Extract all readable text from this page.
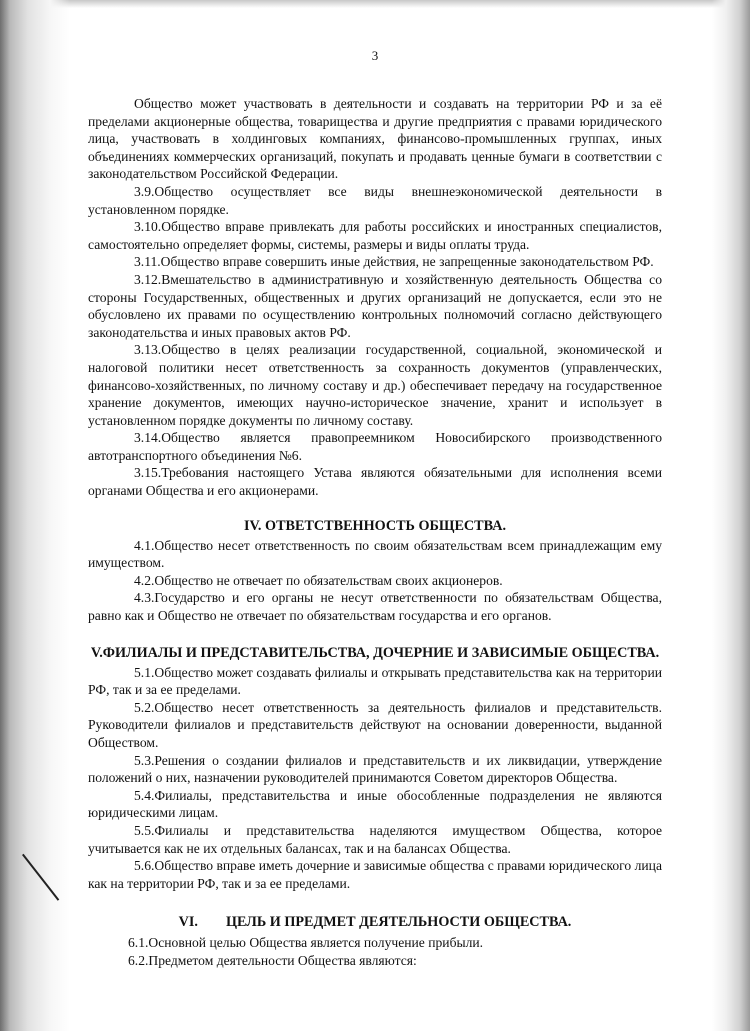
3

Общество может участвовать в деятельности и создавать на территории РФ и за её пределами акционерные общества, товарищества и другие предприятия с правами юридического лица, участвовать в холдинговых компаниях, финансово-промышленных группах, иных объединениях коммерческих организаций, покупать и продавать ценные бумаги в соответствии с законодательством Российской Федерации.

3.9.Общество осуществляет все виды внешнеэкономической деятельности в установленном порядке.

3.10.Общество вправе привлекать для работы российских и иностранных специалистов, самостоятельно определяет формы, системы, размеры и виды оплаты труда.

3.11.Общество вправе совершить иные действия, не запрещенные законодательством РФ.

3.12.Вмешательство в административную и хозяйственную деятельность Общества со стороны Государственных, общественных и других организаций не допускается, если это не обусловлено их правами по осуществлению контрольных полномочий согласно действующего законодательства и иных правовых актов РФ.

3.13.Общество в целях реализации государственной, социальной, экономической и налоговой политики несет ответственность за сохранность документов (управленческих, финансово-хозяйственных, по личному составу и др.) обеспечивает передачу на государственное хранение документов, имеющих научно-историческое значение, хранит и использует в установленном порядке документы по личному составу.

3.14.Общество является правопреемником Новосибирского производственного автотранспортного объединения №6.

3.15.Требования настоящего Устава являются обязательными для исполнения всеми органами Общества и его акционерами.

IV. ОТВЕТСТВЕННОСТЬ ОБЩЕСТВА.

4.1.Общество несет ответственность по своим обязательствам всем принадлежащим ему имуществом.

4.2.Общество не отвечает по обязательствам своих акционеров.

4.3.Государство и его органы не несут ответственности по обязательствам Общества, равно как и Общество не отвечает по обязательствам государства и его органов.

V.ФИЛИАЛЫ И ПРЕДСТАВИТЕЛЬСТВА, ДОЧЕРНИЕ И ЗАВИСИМЫЕ ОБЩЕСТВА.

5.1.Общество может создавать филиалы и открывать представительства как на территории РФ, так и за ее пределами.

5.2.Общество несет ответственность за деятельность филиалов и представительств. Руководители филиалов и представительств действуют на основании доверенности, выданной Обществом.

5.3.Решения о создании филиалов и представительств и их ликвидации, утверждение положений о них, назначении руководителей принимаются Советом директоров Общества.

5.4.Филиалы, представительства и иные обособленные подразделения не являются юридическими лицам.

5.5.Филиалы и представительства наделяются имуществом Общества, которое учитывается как не их отдельных балансах, так и на балансах Общества.

5.6.Общество вправе иметь дочерние и зависимые общества с правами юридического лица как на территории РФ, так и за ее пределами.

VI. ЦЕЛЬ И ПРЕДМЕТ ДЕЯТЕЛЬНОСТИ ОБЩЕСТВА.

6.1.Основной целью Общества является получение прибыли.

6.2.Предметом деятельности Общества являются:
